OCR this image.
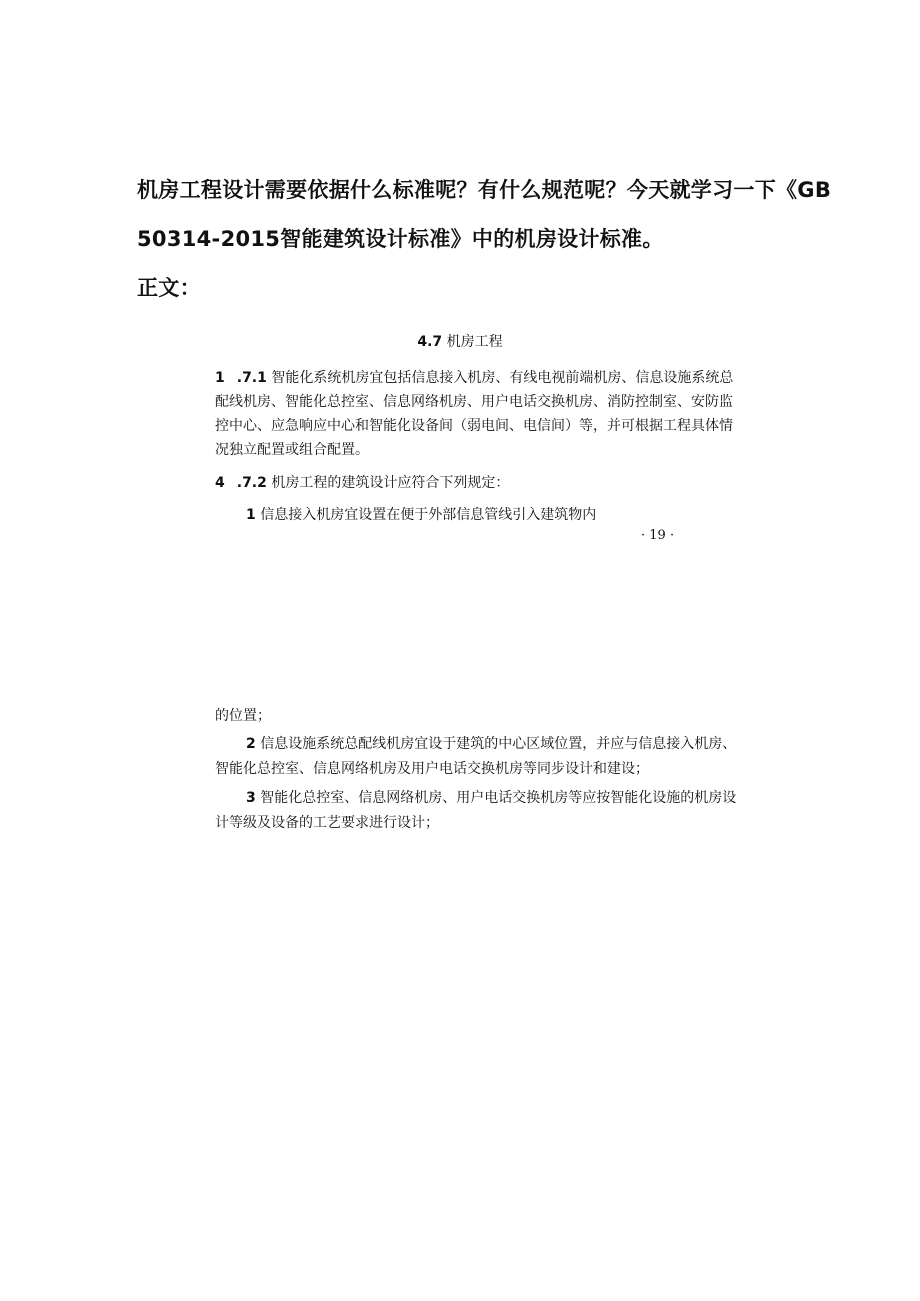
机房工程设计需要依据什么标准呢？有什么规范呢？今天就学习一下《GB
50314-2015智能建筑设计标准》中的机房设计标准。
正文：
4.7 机房工程
1 .7.1 智能化系统机房宜包括信息接入机房、有线电视前端机房、信息设施系统总
配线机房、智能化总控室、信息网络机房、用户电话交换机房、消防控制室、安防监
控中心、应急响应中心和智能化设备间（弱电间、电信间）等，并可根据工程具体情
况独立配置或组合配置。
4 .7.2 机房工程的建筑设计应符合下列规定：
1 信息接入机房宜设置在便于外部信息管线引入建筑物内
· 19 ·
的位置；
2 信息设施系统总配线机房宜设于建筑的中心区域位置，并应与信息接入机房、
智能化总控室、信息网络机房及用户电话交换机房等同步设计和建设；
3 智能化总控室、信息网络机房、用户电话交换机房等应按智能化设施的机房设
计等级及设备的工艺要求进行设计；
